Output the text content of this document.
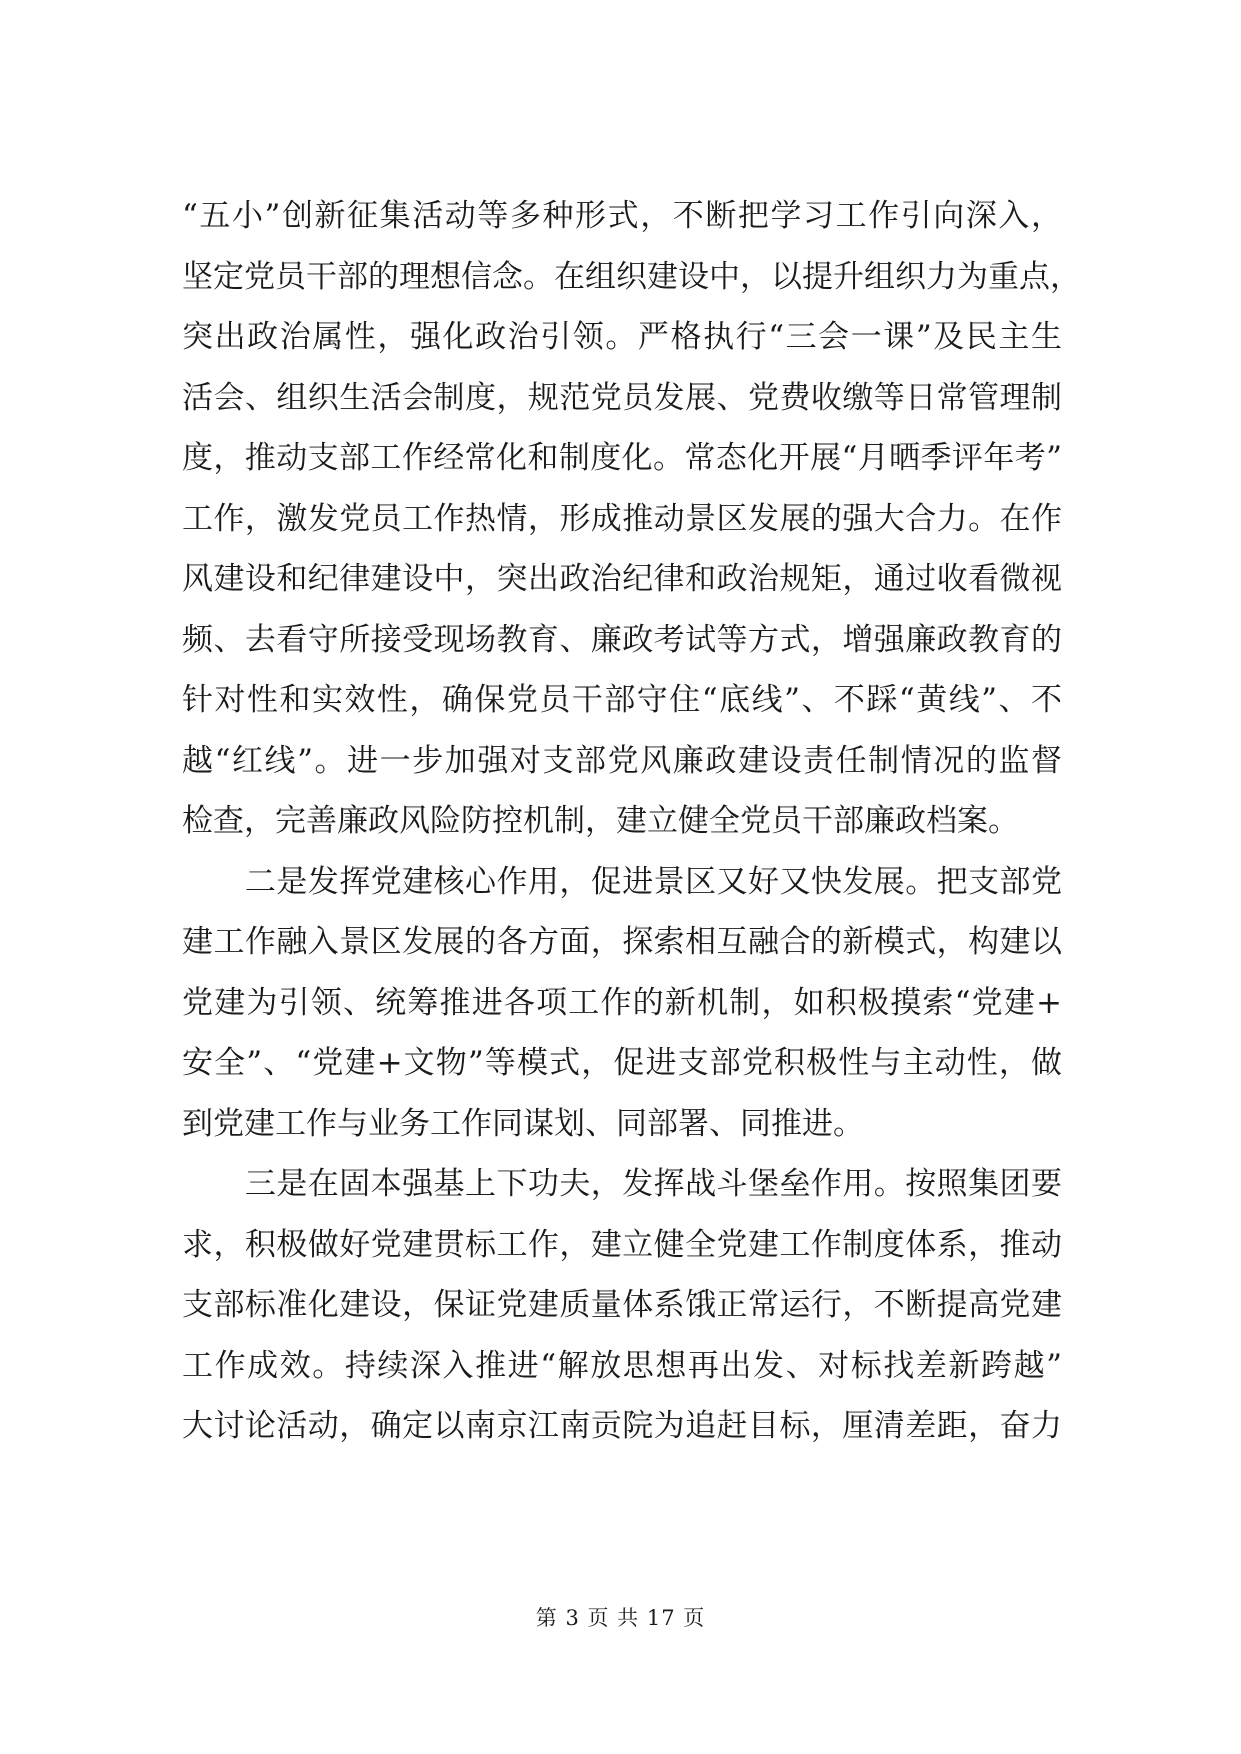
“五小”创新征集活动等多种形式，不断把学习工作引向深入，
坚定党员干部的理想信念。在组织建设中，以提升组织力为重点，
突出政治属性，强化政治引领。严格执行“三会一课”及民主生
活会、组织生活会制度，规范党员发展、党费收缴等日常管理制
度，推动支部工作经常化和制度化。常态化开展“月晒季评年考”
工作，激发党员工作热情，形成推动景区发展的强大合力。在作
风建设和纪律建设中，突出政治纪律和政治规矩，通过收看微视
频、去看守所接受现场教育、廉政考试等方式，增强廉政教育的
针对性和实效性，确保党员干部守住“底线”、不踩“黄线”、不
越“红线”。进一步加强对支部党风廉政建设责任制情况的监督
检查，完善廉政风险防控机制，建立健全党员干部廉政档案。
　　二是发挥党建核心作用，促进景区又好又快发展。把支部党
建工作融入景区发展的各方面，探索相互融合的新模式，构建以
党建为引领、统筹推进各项工作的新机制，如积极摸索“党建+
安全”、“党建+文物”等模式，促进支部党积极性与主动性，做
到党建工作与业务工作同谋划、同部署、同推进。
　　三是在固本强基上下功夫，发挥战斗堡垒作用。按照集团要
求，积极做好党建贯标工作，建立健全党建工作制度体系，推动
支部标准化建设，保证党建质量体系饿正常运行，不断提高党建
工作成效。持续深入推进“解放思想再出发、对标找差新跨越”
大讨论活动，确定以南京江南贡院为追赶目标，厘清差距，奋力
第 3 页 共 17 页
